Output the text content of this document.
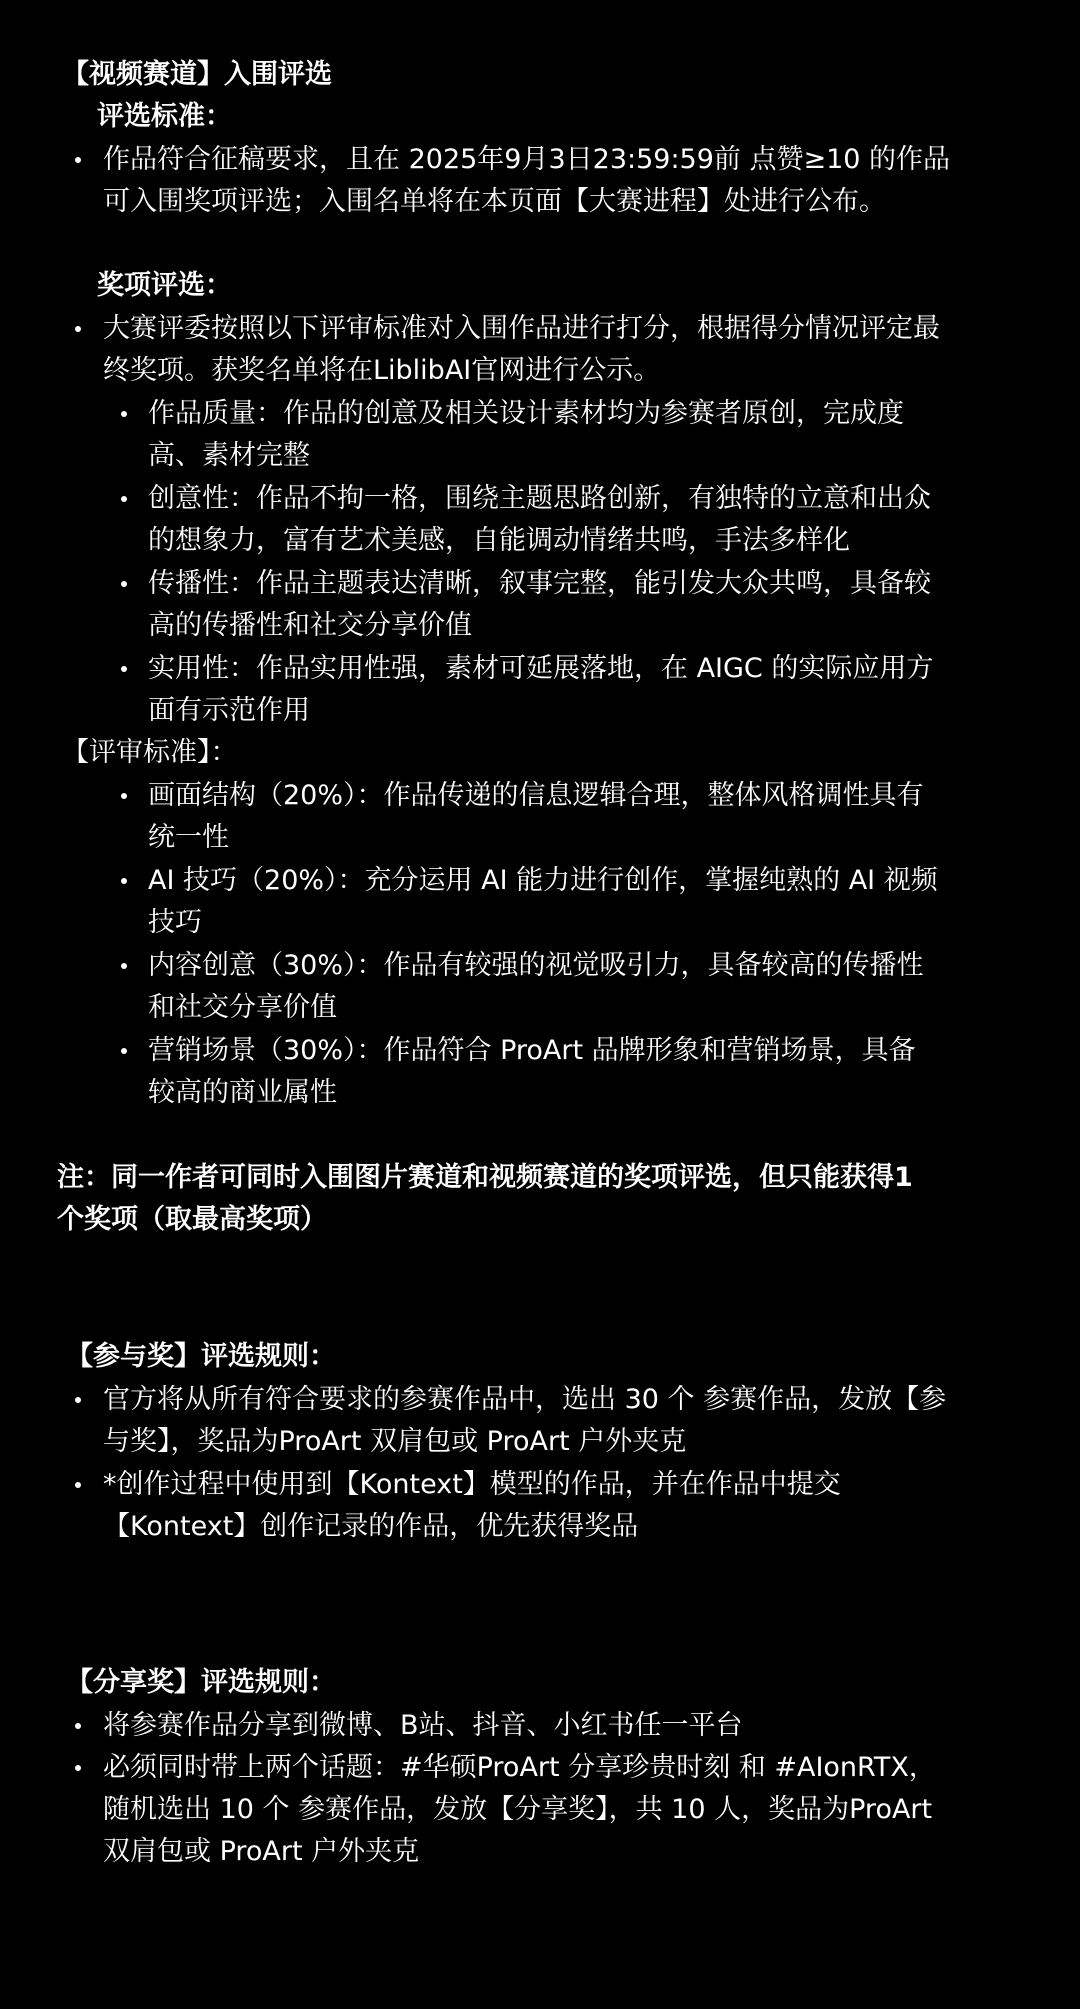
【视频赛道】入围评选
评选标准：
作品符合征稿要求，且在 2025年9月3日23:59:59前 点赞≥10 的作品
可入围奖项评选；入围名单将在本页面【大赛进程】处进行公布。
奖项评选：
大赛评委按照以下评审标准对入围作品进行打分，根据得分情况评定最
终奖项。获奖名单将在LiblibAI官网进行公示。
作品质量：作品的创意及相关设计素材均为参赛者原创，完成度
高、素材完整
创意性：作品不拘一格，围绕主题思路创新，有独特的立意和出众
的想象力，富有艺术美感，自能调动情绪共鸣，手法多样化
传播性：作品主题表达清晰，叙事完整，能引发大众共鸣，具备较
高的传播性和社交分享价值
实用性：作品实用性强，素材可延展落地，在 AIGC 的实际应用方
面有示范作用
【评审标准】：
画面结构（20%）：作品传递的信息逻辑合理，整体风格调性具有
统一性
AI 技巧（20%）：充分运用 AI 能力进行创作，掌握纯熟的 AI 视频
技巧
内容创意（30%）：作品有较强的视觉吸引力，具备较高的传播性
和社交分享价值
营销场景（30%）：作品符合 ProArt 品牌形象和营销场景，具备
较高的商业属性
注：同一作者可同时入围图片赛道和视频赛道的奖项评选，但只能获得1
个奖项（取最高奖项）
【参与奖】评选规则：
官方将从所有符合要求的参赛作品中，选出 30 个 参赛作品，发放【参
与奖】，奖品为ProArt 双肩包或 ProArt 户外夹克
*创作过程中使用到【Kontext】模型的作品，并在作品中提交
【Kontext】创作记录的作品，优先获得奖品
【分享奖】评选规则：
将参赛作品分享到微博、B站、抖音、小红书任一平台
必须同时带上两个话题：#华硕ProArt 分享珍贵时刻 和 #AIonRTX，
随机选出 10 个 参赛作品，发放【分享奖】，共 10 人，奖品为ProArt
双肩包或 ProArt 户外夹克
